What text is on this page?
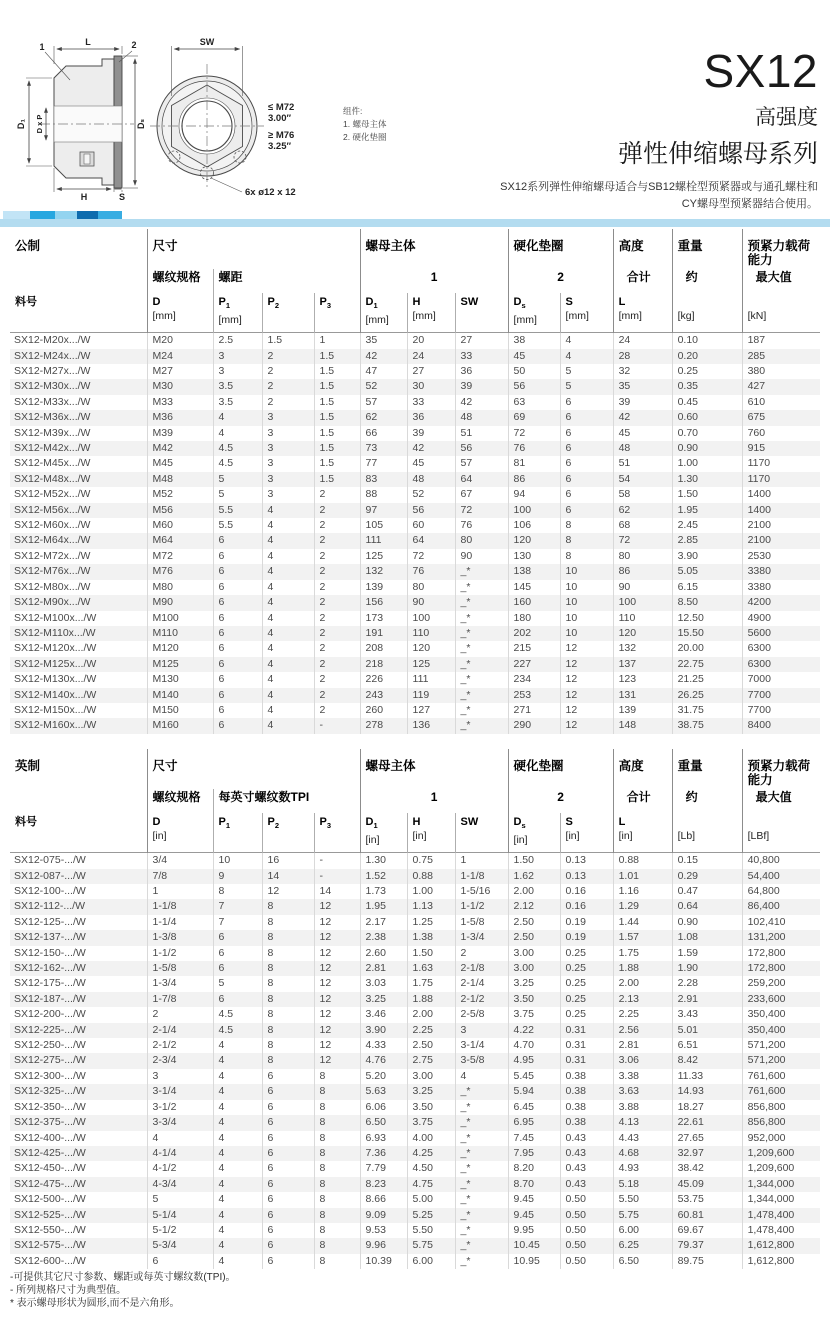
L
1	2
D₁ D x P	Dₛ
H	S
SW
6x ø12 x 12
≤ M72
3.00″
≥ M76
3.25″
组件:
1. 螺母主体
2. 硬化垫圈
SX12
高强度
弹性伸缩螺母系列
SX12系列弹性伸缩螺母适合与SB12螺栓型预紧器或与通孔螺柱和
CY螺母型预紧器结合使用。
公制	尺寸				螺母主体			硬化垫圈		高度	重量	预紧力载荷能力
	螺纹规格	螺距			1			2		合计	约	最大值
料号	D
[mm]	$P_1$
[mm]	$P_2$	$P_3$	$D_1$
[mm]	H
[mm]	SW	$D_s$
[mm]	S
[mm]	L
[mm]	[kg]	[kN]

SX12-M20x.../W	M20	2.5	1.5	1	35	20	27	38	4	24	0.10	187
SX12-M24x.../W	M24	3	2	1.5	42	24	33	45	4	28	0.20	285
SX12-M27x.../W	M27	3	2	1.5	47	27	36	50	5	32	0.25	380
SX12-M30x.../W	M30	3.5	2	1.5	52	30	39	56	5	35	0.35	427
SX12-M33x.../W	M33	3.5	2	1.5	57	33	42	63	6	39	0.45	610
SX12-M36x.../W	M36	4	3	1.5	62	36	48	69	6	42	0.60	675
SX12-M39x.../W	M39	4	3	1.5	66	39	51	72	6	45	0.70	760
SX12-M42x.../W	M42	4.5	3	1.5	73	42	56	76	6	48	0.90	915
SX12-M45x.../W	M45	4.5	3	1.5	77	45	57	81	6	51	1.00	1170
SX12-M48x.../W	M48	5	3	1.5	83	48	64	86	6	54	1.30	1170
SX12-M52x.../W	M52	5	3	2	88	52	67	94	6	58	1.50	1400
SX12-M56x.../W	M56	5.5	4	2	97	56	72	100	6	62	1.95	1400
SX12-M60x.../W	M60	5.5	4	2	105	60	76	106	8	68	2.45	2100
SX12-M64x.../W	M64	6	4	2	111	64	80	120	8	72	2.85	2100
SX12-M72x.../W	M72	6	4	2	125	72	90	130	8	80	3.90	2530
SX12-M76x.../W	M76	6	4	2	132	76	_*	138	10	86	5.05	3380
SX12-M80x.../W	M80	6	4	2	139	80	_*	145	10	90	6.15	3380
SX12-M90x.../W	M90	6	4	2	156	90	_*	160	10	100	8.50	4200
SX12-M100x.../W	M100	6	4	2	173	100	_*	180	10	110	12.50	4900
SX12-M110x.../W	M110	6	4	2	191	110	_*	202	10	120	15.50	5600
SX12-M120x.../W	M120	6	4	2	208	120	_*	215	12	132	20.00	6300
SX12-M125x.../W	M125	6	4	2	218	125	_*	227	12	137	22.75	6300
SX12-M130x.../W	M130	6	4	2	226	111	_*	234	12	123	21.25	7000
SX12-M140x.../W	M140	6	4	2	243	119	_*	253	12	131	26.25	7700
SX12-M150x.../W	M150	6	4	2	260	127	_*	271	12	139	31.75	7700
SX12-M160x.../W	M160	6	4	-	278	136	_*	290	12	148	38.75	8400
英制	尺寸				螺母主体			硬化垫圈		高度	重量	预紧力载荷能力
	螺纹规格	每英寸螺纹数TPI			1			2		合计	约	最大值
料号	D
[in]	$P_1$	$P_2$	$P_3$	$D_1$
[in]	H
[in]	SW	$D_s$
[in]	S
[in]	L
[in]	[Lb]	[LBf]

SX12-075-.../W	3/4	10	16	-	1.30	0.75	1	1.50	0.13	0.88	0.15	40,800
SX12-087-.../W	7/8	9	14	-	1.52	0.88	1-1/8	1.62	0.13	1.01	0.29	54,400
SX12-100-.../W	1	8	12	14	1.73	1.00	1-5/16	2.00	0.16	1.16	0.47	64,800
SX12-112-.../W	1-1/8	7	8	12	1.95	1.13	1-1/2	2.12	0.16	1.29	0.64	86,400
SX12-125-.../W	1-1/4	7	8	12	2.17	1.25	1-5/8	2.50	0.19	1.44	0.90	102,410
SX12-137-.../W	1-3/8	6	8	12	2.38	1.38	1-3/4	2.50	0.19	1.57	1.08	131,200
SX12-150-.../W	1-1/2	6	8	12	2.60	1.50	2	3.00	0.25	1.75	1.59	172,800
SX12-162-.../W	1-5/8	6	8	12	2.81	1.63	2-1/8	3.00	0.25	1.88	1.90	172,800
SX12-175-.../W	1-3/4	5	8	12	3.03	1.75	2-1/4	3.25	0.25	2.00	2.28	259,200
SX12-187-.../W	1-7/8	6	8	12	3.25	1.88	2-1/2	3.50	0.25	2.13	2.91	233,600
SX12-200-.../W	2	4.5	8	12	3.46	2.00	2-5/8	3.75	0.25	2.25	3.43	350,400
SX12-225-.../W	2-1/4	4.5	8	12	3.90	2.25	3	4.22	0.31	2.56	5.01	350,400
SX12-250-.../W	2-1/2	4	8	12	4.33	2.50	3-1/4	4.70	0.31	2.81	6.51	571,200
SX12-275-.../W	2-3/4	4	8	12	4.76	2.75	3-5/8	4.95	0.31	3.06	8.42	571,200
SX12-300-.../W	3	4	6	8	5.20	3.00	4	5.45	0.38	3.38	11.33	761,600
SX12-325-.../W	3-1/4	4	6	8	5.63	3.25	_*	5.94	0.38	3.63	14.93	761,600
SX12-350-.../W	3-1/2	4	6	8	6.06	3.50	_*	6.45	0.38	3.88	18.27	856,800
SX12-375-.../W	3-3/4	4	6	8	6.50	3.75	_*	6.95	0.38	4.13	22.61	856,800
SX12-400-.../W	4	4	6	8	6.93	4.00	_*	7.45	0.43	4.43	27.65	952,000
SX12-425-.../W	4-1/4	4	6	8	7.36	4.25	_*	7.95	0.43	4.68	32.97	1,209,600
SX12-450-.../W	4-1/2	4	6	8	7.79	4.50	_*	8.20	0.43	4.93	38.42	1,209,600
SX12-475-.../W	4-3/4	4	6	8	8.23	4.75	_*	8.70	0.43	5.18	45.09	1,344,000
SX12-500-.../W	5	4	6	8	8.66	5.00	_*	9.45	0.50	5.50	53.75	1,344,000
SX12-525-.../W	5-1/4	4	6	8	9.09	5.25	_*	9.45	0.50	5.75	60.81	1,478,400
SX12-550-.../W	5-1/2	4	6	8	9.53	5.50	_*	9.95	0.50	6.00	69.67	1,478,400
SX12-575-.../W	5-3/4	4	6	8	9.96	5.75	_*	10.45	0.50	6.25	79.37	1,612,800
SX12-600-.../W	6	4	6	8	10.39	6.00	_*	10.95	0.50	6.50	89.75	1,612,800
-可提供其它尺寸参数、螺距或每英寸螺纹数(TPI)。
- 所列规格尺寸为典型值。
* 表示螺母形状为圆形,而不是六角形。
